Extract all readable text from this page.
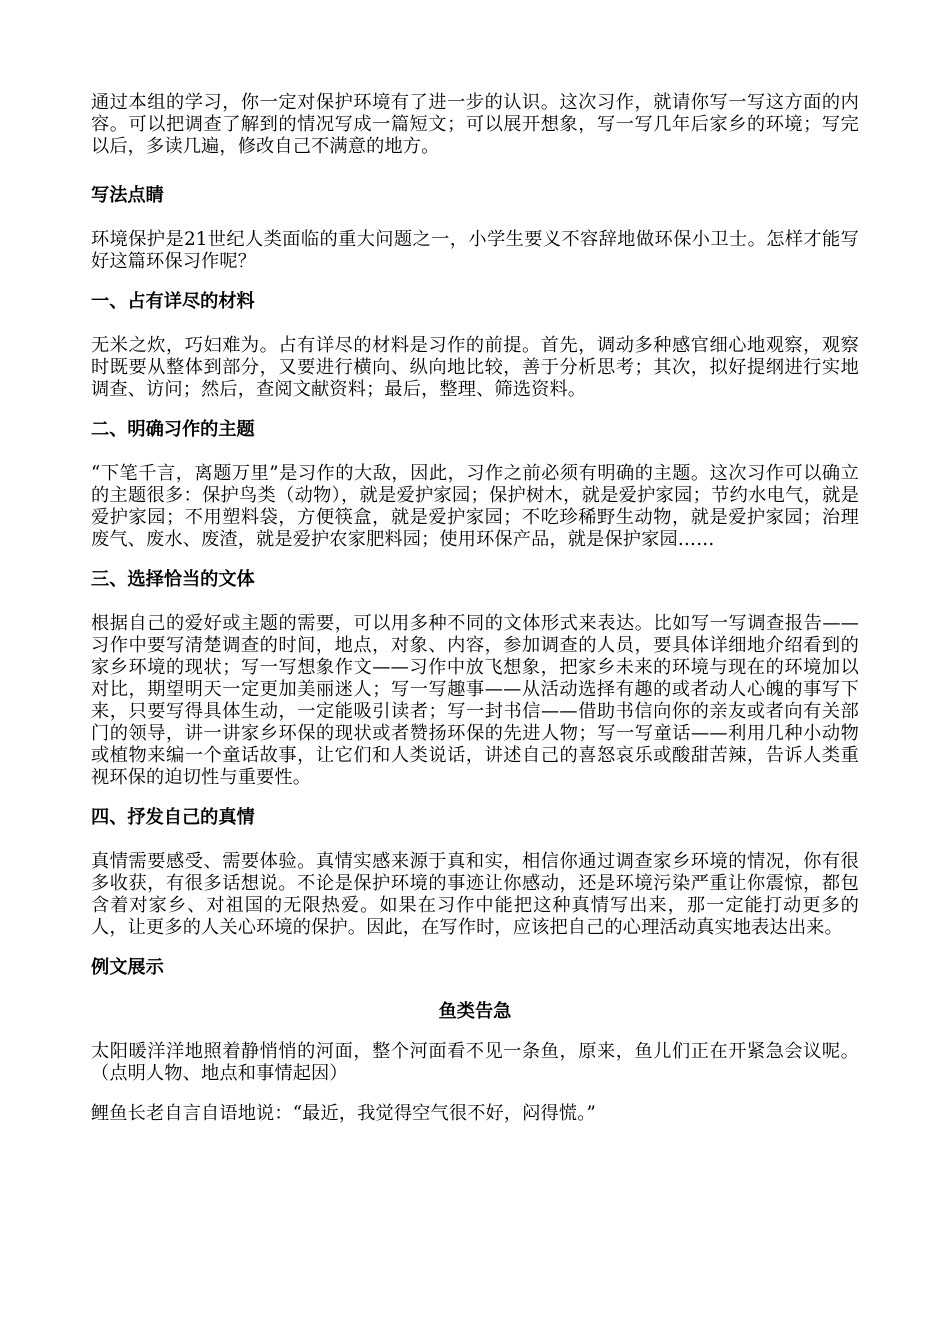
通过本组的学习，你一定对保护环境有了进一步的认识。这次习作，就请你写一写这方面的内容。可以把调查了解到的情况写成一篇短文；可以展开想象，写一写几年后家乡的环境；写完以后，多读几遍，修改自己不满意的地方。

写法点睛

环境保护是21世纪人类面临的重大问题之一，小学生要义不容辞地做环保小卫士。怎样才能写好这篇环保习作呢？

一、占有详尽的材料

无米之炊，巧妇难为。占有详尽的材料是习作的前提。首先，调动多种感官细心地观察，观察时既要从整体到部分，又要进行横向、纵向地比较，善于分析思考；其次，拟好提纲进行实地调查、访问；然后，查阅文献资料；最后，整理、筛选资料。

二、明确习作的主题

“下笔千言，离题万里”是习作的大敌，因此，习作之前必须有明确的主题。这次习作可以确立的主题很多：保护鸟类（动物），就是爱护家园；保护树木，就是爱护家园；节约水电气，就是爱护家园；不用塑料袋，方便筷盒，就是爱护家园；不吃珍稀野生动物，就是爱护家园；治理废气、废水、废渣，就是爱护农家肥料园；使用环保产品，就是保护家园……

三、选择恰当的文体

根据自己的爱好或主题的需要，可以用多种不同的文体形式来表达。比如写一写调查报告——习作中要写清楚调查的时间，地点，对象、内容，参加调查的人员，要具体详细地介绍看到的家乡环境的现状；写一写想象作文——习作中放飞想象，把家乡未来的环境与现在的环境加以对比，期望明天一定更加美丽迷人；写一写趣事——从活动选择有趣的或者动人心魄的事写下来，只要写得具体生动，一定能吸引读者；写一封书信——借助书信向你的亲友或者向有关部门的领导，讲一讲家乡环保的现状或者赞扬环保的先进人物；写一写童话——利用几种小动物或植物来编一个童话故事，让它们和人类说话，讲述自己的喜怒哀乐或酸甜苦辣，告诉人类重视环保的迫切性与重要性。

四、抒发自己的真情

真情需要感受、需要体验。真情实感来源于真和实，相信你通过调查家乡环境的情况，你有很多收获，有很多话想说。不论是保护环境的事迹让你感动，还是环境污染严重让你震惊，都包含着对家乡、对祖国的无限热爱。如果在习作中能把这种真情写出来，那一定能打动更多的人，让更多的人关心环境的保护。因此，在写作时，应该把自己的心理活动真实地表达出来。

例文展示

鱼类告急

太阳暖洋洋地照着静悄悄的河面，整个河面看不见一条鱼，原来，鱼儿们正在开紧急会议呢。（点明人物、地点和事情起因）

鲤鱼长老自言自语地说：“最近，我觉得空气很不好，闷得慌。”
